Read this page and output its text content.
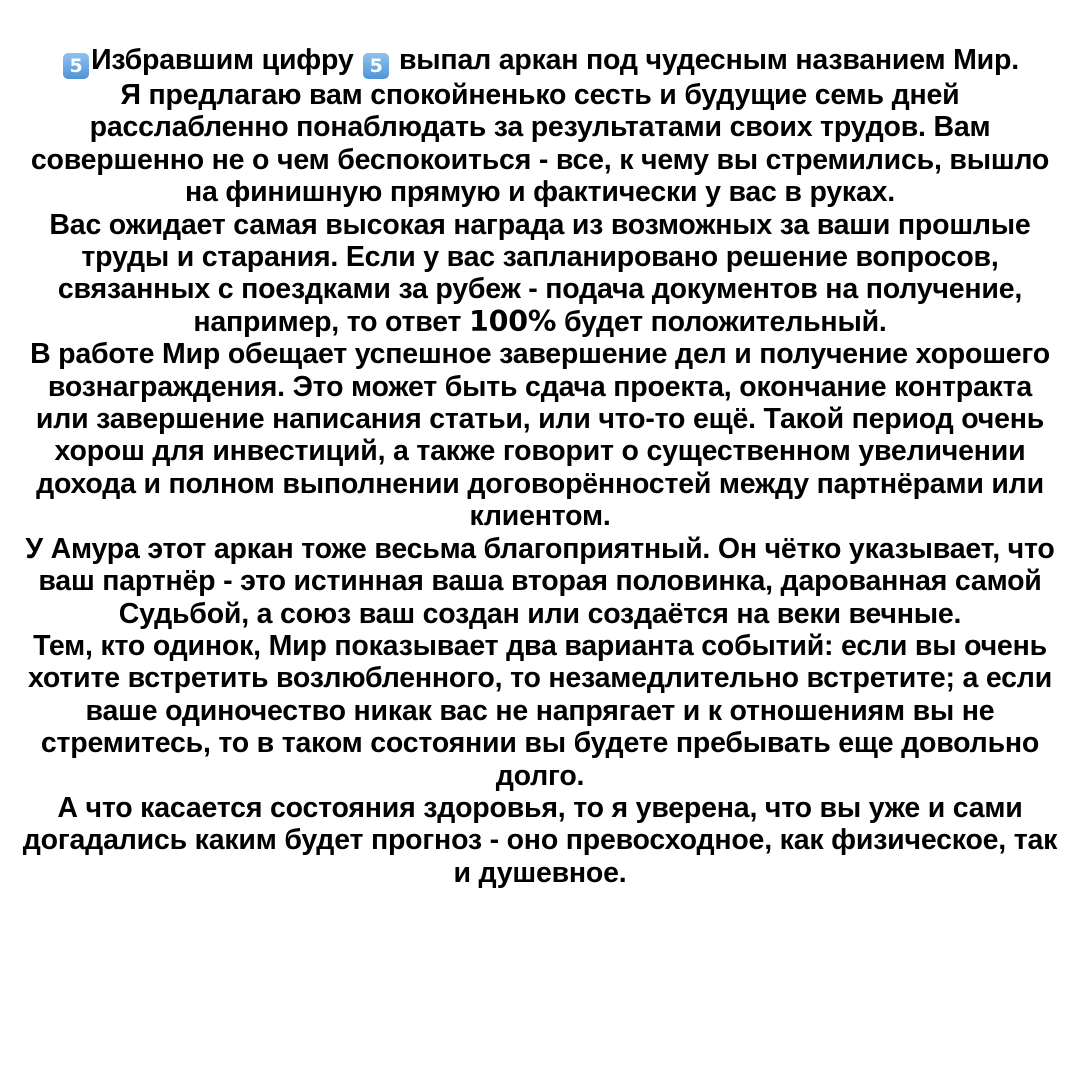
5 Избравшим цифру 5 выпал аркан под чудесным названием Мир.

Я предлагаю вам спокойненько сесть и будущие семь дней расслабленно понаблюдать за результатами своих трудов. Вам совершенно не о чем беспокоиться - все, к чему вы стремились, вышло на финишную прямую и фактически у вас в руках.

Вас ожидает самая высокая награда из возможных за ваши прошлые труды и старания. Если у вас запланировано решение вопросов, связанных с поездками за рубеж - подача документов на получение, например, то ответ 100% будет положительный.

В работе Мир обещает успешное завершение дел и получение хорошего вознаграждения. Это может быть сдача проекта, окончание контракта или завершение написания статьи, или что-то ещё. Такой период очень хорош для инвестиций, а также говорит о существенном увеличении дохода и полном выполнении договорённостей между партнёрами или клиентом.

У Амура этот аркан тоже весьма благоприятный. Он чётко указывает, что ваш партнёр - это истинная ваша вторая половинка, дарованная самой Судьбой, а союз ваш создан или создаётся на веки вечные.

Тем, кто одинок, Мир показывает два варианта событий: если вы очень хотите встретить возлюбленного, то незамедлительно встретите; а если ваше одиночество никак вас не напрягает и к отношениям вы не стремитесь, то в таком состоянии вы будете пребывать еще довольно долго.

А что касается состояния здоровья, то я уверена, что вы уже и сами догадались каким будет прогноз - оно превосходное, как физическое, так и душевное.
